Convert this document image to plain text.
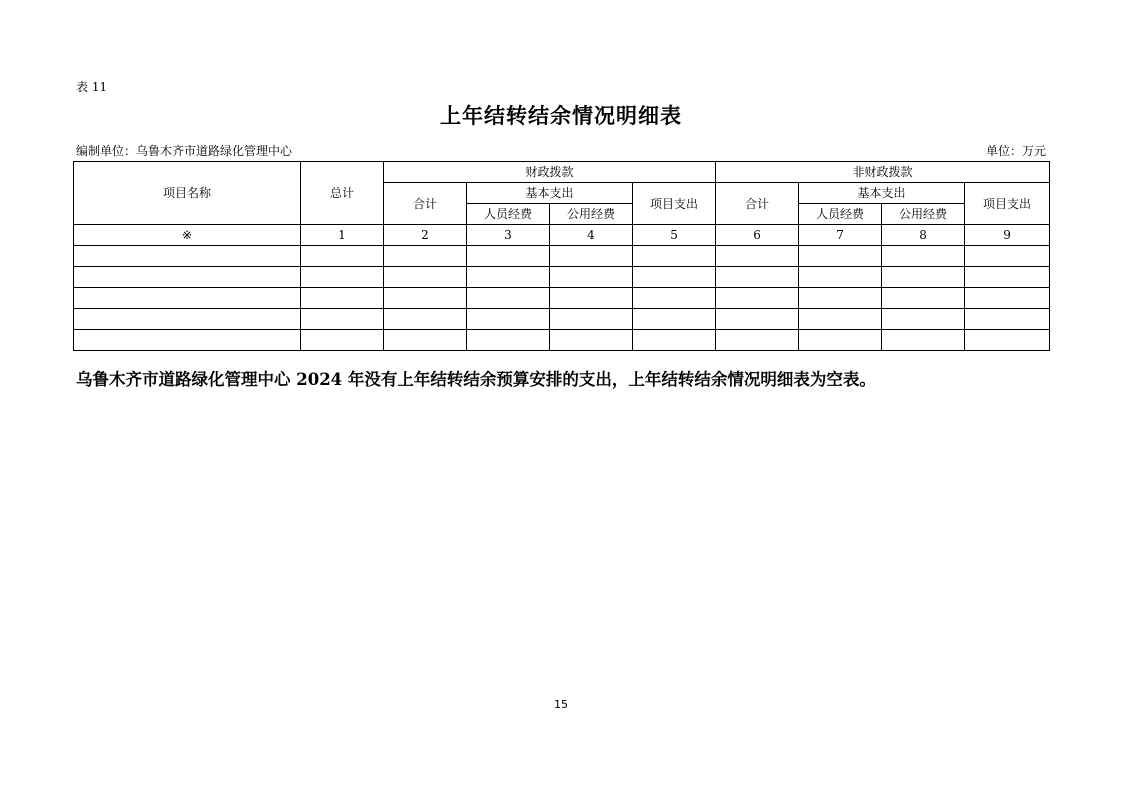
表 11
上年结转结余情况明细表
编制单位：乌鲁木齐市道路绿化管理中心	单位：万元
项目名称	总计	财政拨款				非财政拨款			
		合计	基本支出		项目支出	合计	基本支出		项目支出
			人员经费	公用经费			人员经费	公用经费	
※	1	2	3	4	5	6	7	8	9

乌鲁木齐市道路绿化管理中心 2024 年没有上年结转结余预算安排的支出，上年结转结余情况明细表为空表。
15
